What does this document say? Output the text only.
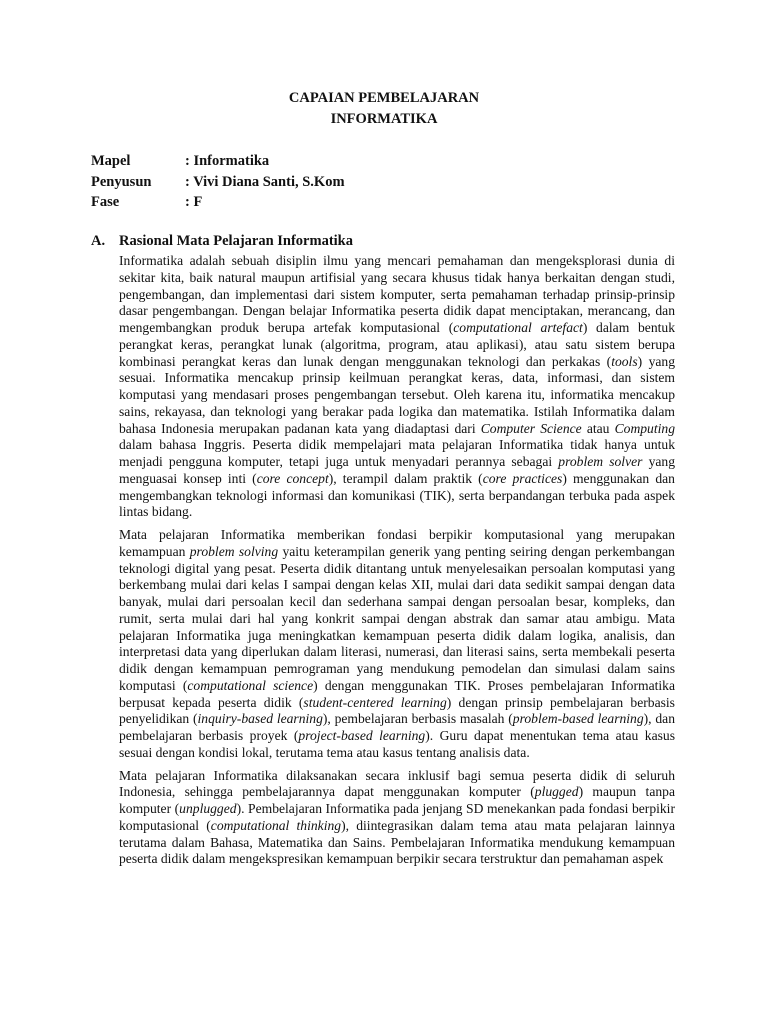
CAPAIAN PEMBELAJARAN
INFORMATIKA
Mapel	: Informatika
Penyusun	: Vivi Diana Santi, S.Kom
Fase	: F
A. Rasional Mata Pelajaran Informatika

Informatika adalah sebuah disiplin ilmu yang mencari pemahaman dan mengeksplorasi dunia di sekitar kita, baik natural maupun artifisial yang secara khusus tidak hanya berkaitan dengan studi, pengembangan, dan implementasi dari sistem komputer, serta pemahaman terhadap prinsip-prinsip dasar pengembangan. Dengan belajar Informatika peserta didik dapat menciptakan, merancang, dan mengembangkan produk berupa artefak komputasional (computational artefact) dalam bentuk perangkat keras, perangkat lunak (algoritma, program, atau aplikasi), atau satu sistem berupa kombinasi perangkat keras dan lunak dengan menggunakan teknologi dan perkakas (tools) yang sesuai. Informatika mencakup prinsip keilmuan perangkat keras, data, informasi, dan sistem komputasi yang mendasari proses pengembangan tersebut. Oleh karena itu, informatika mencakup sains, rekayasa, dan teknologi yang berakar pada logika dan matematika. Istilah Informatika dalam bahasa Indonesia merupakan padanan kata yang diadaptasi dari Computer Science atau Computing dalam bahasa Inggris. Peserta didik mempelajari mata pelajaran Informatika tidak hanya untuk menjadi pengguna komputer, tetapi juga untuk menyadari perannya sebagai problem solver yang menguasai konsep inti (core concept), terampil dalam praktik (core practices) menggunakan dan mengembangkan teknologi informasi dan komunikasi (TIK), serta berpandangan terbuka pada aspek lintas bidang.

Mata pelajaran Informatika memberikan fondasi berpikir komputasional yang merupakan kemampuan problem solving yaitu keterampilan generik yang penting seiring dengan perkembangan teknologi digital yang pesat. Peserta didik ditantang untuk menyelesaikan persoalan komputasi yang berkembang mulai dari kelas I sampai dengan kelas XII, mulai dari data sedikit sampai dengan data banyak, mulai dari persoalan kecil dan sederhana sampai dengan persoalan besar, kompleks, dan rumit, serta mulai dari hal yang konkrit sampai dengan abstrak dan samar atau ambigu. Mata pelajaran Informatika juga meningkatkan kemampuan peserta didik dalam logika, analisis, dan interpretasi data yang diperlukan dalam literasi, numerasi, dan literasi sains, serta membekali peserta didik dengan kemampuan pemrograman yang mendukung pemodelan dan simulasi dalam sains komputasi (computational science) dengan menggunakan TIK. Proses pembelajaran Informatika berpusat kepada peserta didik (student-centered learning) dengan prinsip pembelajaran berbasis penyelidikan (inquiry-based learning), pembelajaran berbasis masalah (problem-based learning), dan pembelajaran berbasis proyek (project-based learning). Guru dapat menentukan tema atau kasus sesuai dengan kondisi lokal, terutama tema atau kasus tentang analisis data.

Mata pelajaran Informatika dilaksanakan secara inklusif bagi semua peserta didik di seluruh Indonesia, sehingga pembelajarannya dapat menggunakan komputer (plugged) maupun tanpa komputer (unplugged). Pembelajaran Informatika pada jenjang SD menekankan pada fondasi berpikir komputasional (computational thinking), diintegrasikan dalam tema atau mata pelajaran lainnya terutama dalam Bahasa, Matematika dan Sains. Pembelajaran Informatika mendukung kemampuan peserta didik dalam mengekspresikan kemampuan berpikir secara terstruktur dan pemahaman aspek
